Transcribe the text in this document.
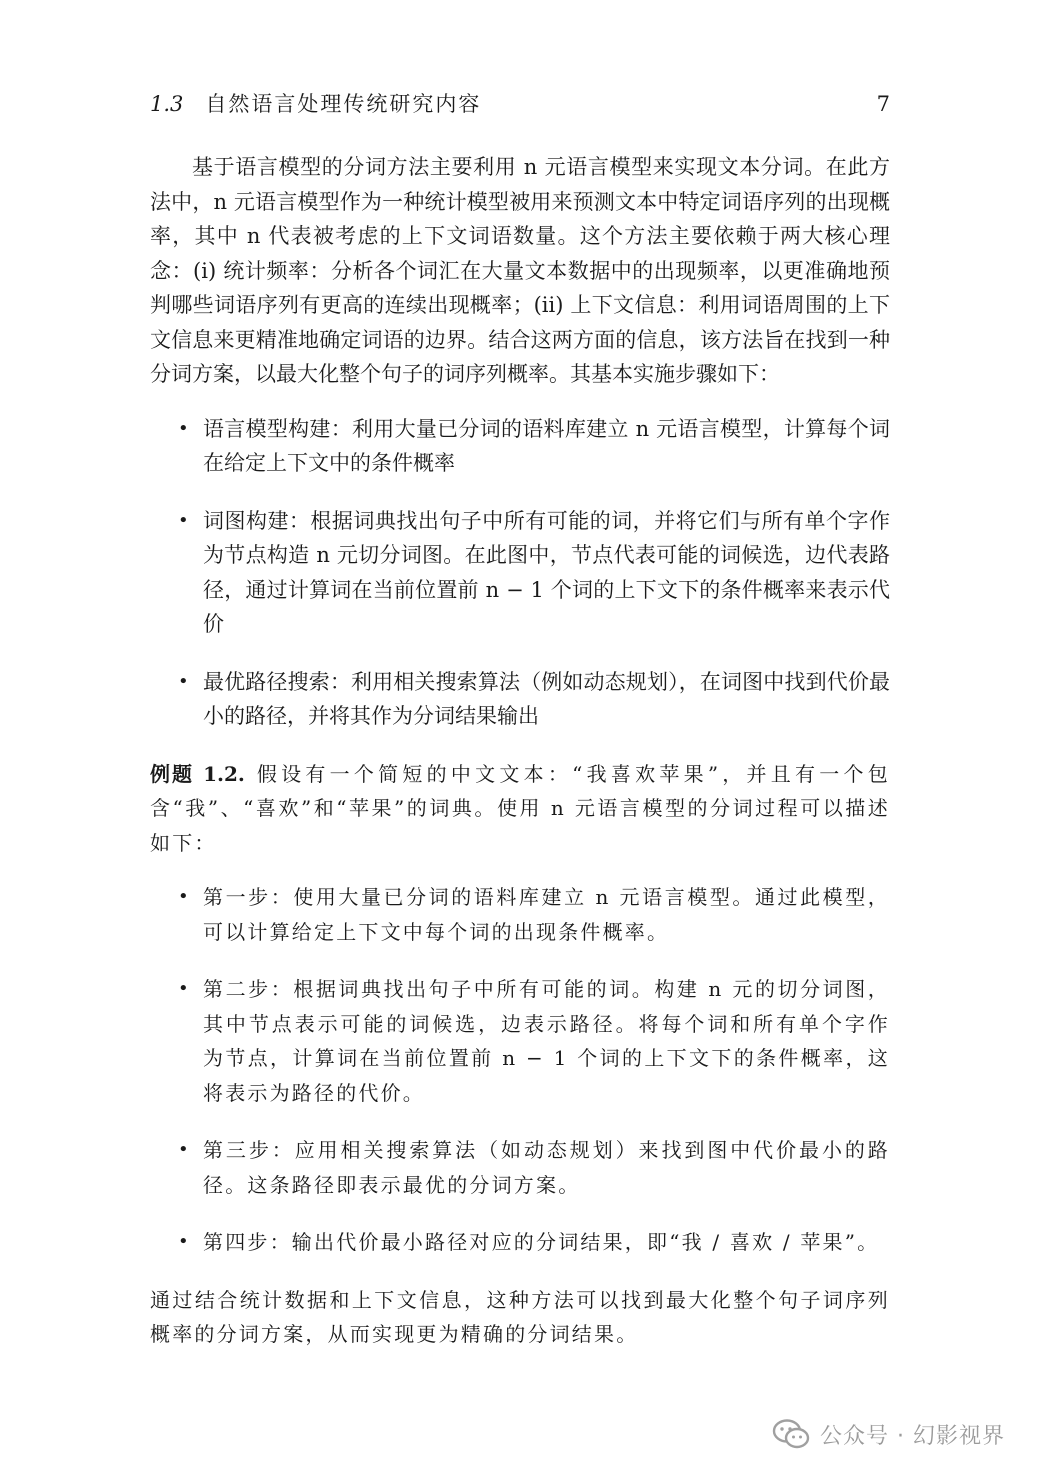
1.3 自然语言处理传统研究内容	7

基于语言模型的分词方法主要利用 n 元语言模型来实现文本分词。在此方法中，n 元语言模型作为一种统计模型被用来预测文本中特定词语序列的出现概率，其中 n 代表被考虑的上下文词语数量。这个方法主要依赖于两大核心理念：(i) 统计频率：分析各个词汇在大量文本数据中的出现频率，以更准确地预判哪些词语序列有更高的连续出现概率；(ii) 上下文信息：利用词语周围的上下文信息来更精准地确定词语的边界。结合这两方面的信息，该方法旨在找到一种分词方案，以最大化整个句子的词序列概率。其基本实施步骤如下：

• 语言模型构建：利用大量已分词的语料库建立 n 元语言模型，计算每个词在给定上下文中的条件概率
• 词图构建：根据词典找出句子中所有可能的词，并将它们与所有单个字作为节点构造 n 元切分词图。在此图中，节点代表可能的词候选，边代表路径，通过计算词在当前位置前 n − 1 个词的上下文下的条件概率来表示代价
• 最优路径搜索：利用相关搜索算法（例如动态规划），在词图中找到代价最小的路径，并将其作为分词结果输出

例题 1.2. 假设有一个简短的中文文本：“我喜欢苹果”，并且有一个包含“我”、“喜欢”和“苹果”的词典。使用 n 元语言模型的分词过程可以描述如下：

• 第一步：使用大量已分词的语料库建立 n 元语言模型。通过此模型，可以计算给定上下文中每个词的出现条件概率。
• 第二步：根据词典找出句子中所有可能的词。构建 n 元的切分词图，其中节点表示可能的词候选，边表示路径。将每个词和所有单个字作为节点，计算词在当前位置前 n − 1 个词的上下文下的条件概率，这将表示为路径的代价。
• 第三步：应用相关搜索算法（如动态规划）来找到图中代价最小的路径。这条路径即表示最优的分词方案。
• 第四步：输出代价最小路径对应的分词结果，即“我 / 喜欢 / 苹果”。

通过结合统计数据和上下文信息，这种方法可以找到最大化整个句子词序列概率的分词方案，从而实现更为精确的分词结果。

公众号 · 幻影视界
